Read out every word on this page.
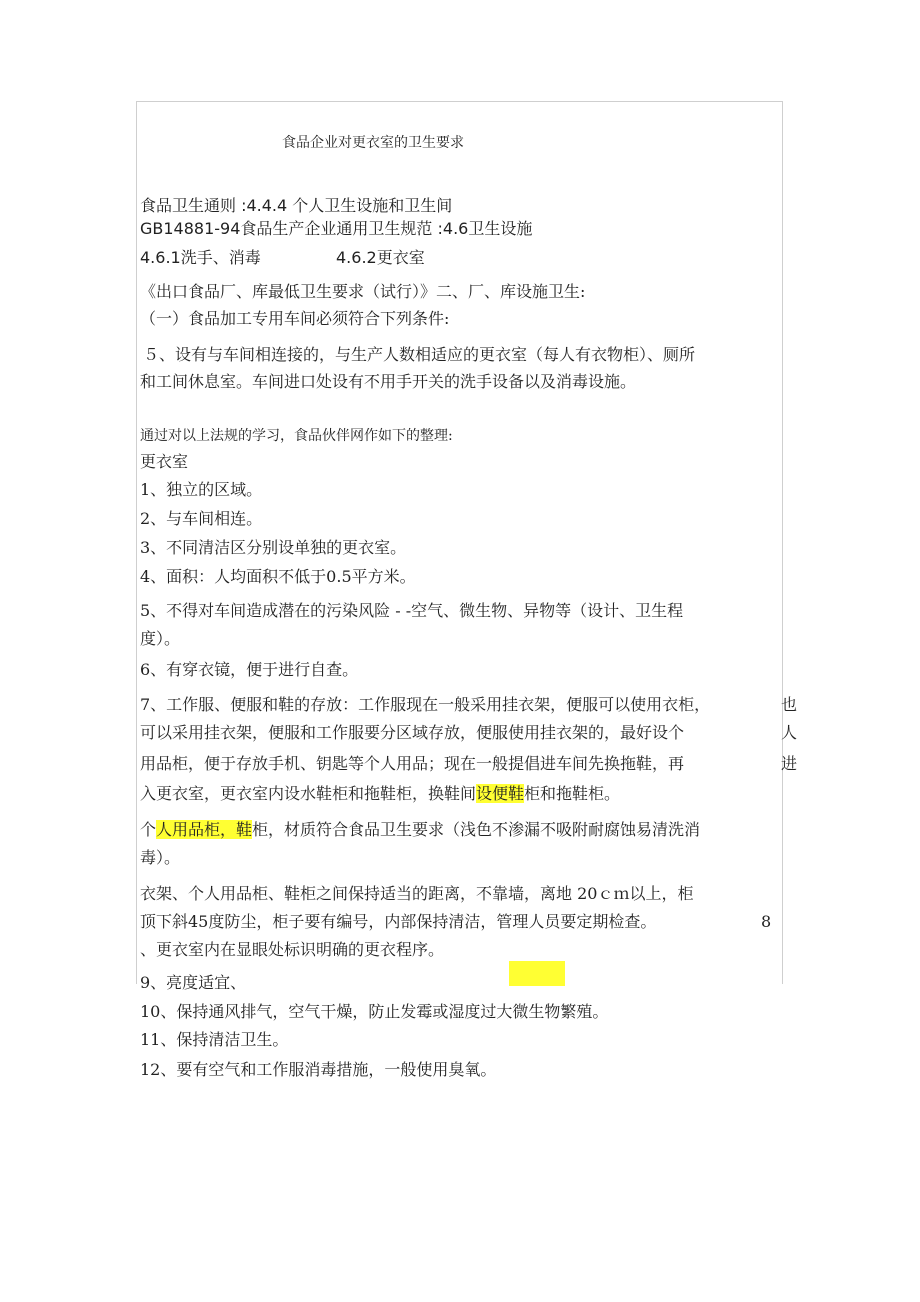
食品企业对更衣室的卫生要求
食品卫生通则 :4.4.4 个人卫生设施和卫生间
GB14881-94食品生产企业通用卫生规范 :4.6卫生设施
4.6.1洗手、消毒	4.6.2更衣室
《出口食品厂、库最低卫生要求（试行）》二、厂、库设施卫生:
（一）食品加工专用车间必须符合下列条件:
５、设有与车间相连接的，与生产人数相适应的更衣室（每人有衣物柜）、厕所
和工间休息室。车间进口处设有不用手开关的洗手设备以及消毒设施。
通过对以上法规的学习，食品伙伴网作如下的整理:
更衣室
1、独立的区域。
2、与车间相连。
3、不同清洁区分别设单独的更衣室。
4、面积：人均面积不低于0.5平方米。
5、不得对车间造成潜在的污染风险 - -空气、微生物、异物等（设计、卫生程
度）。
6、有穿衣镜，便于进行自查。
7、工作服、便服和鞋的存放：工作服现在一般采用挂衣架，便服可以使用衣柜，	也
可以采用挂衣架，便服和工作服要分区域存放，便服使用挂衣架的，最好设个	人
用品柜，便于存放手机、钥匙等个人用品；现在一般提倡进车间先换拖鞋，再	进
入更衣室，更衣室内设水鞋柜和拖鞋柜，换鞋间设便鞋柜和拖鞋柜。
个人用品柜，鞋柜，材质符合食品卫生要求（浅色不渗漏不吸附耐腐蚀易清洗消
毒）。
衣架、个人用品柜、鞋柜之间保持适当的距离，不靠墙，离地 20ｃｍ以上，柜
顶下斜45度防尘，柜子要有编号，内部保持清洁，管理人员要定期检查。	8
、更衣室内在显眼处标识明确的更衣程序。
9、亮度适宜、
10、保持通风排气，空气干燥，防止发霉或湿度过大微生物繁殖。
11、保持清洁卫生。
12、要有空气和工作服消毒措施，一般使用臭氧。
